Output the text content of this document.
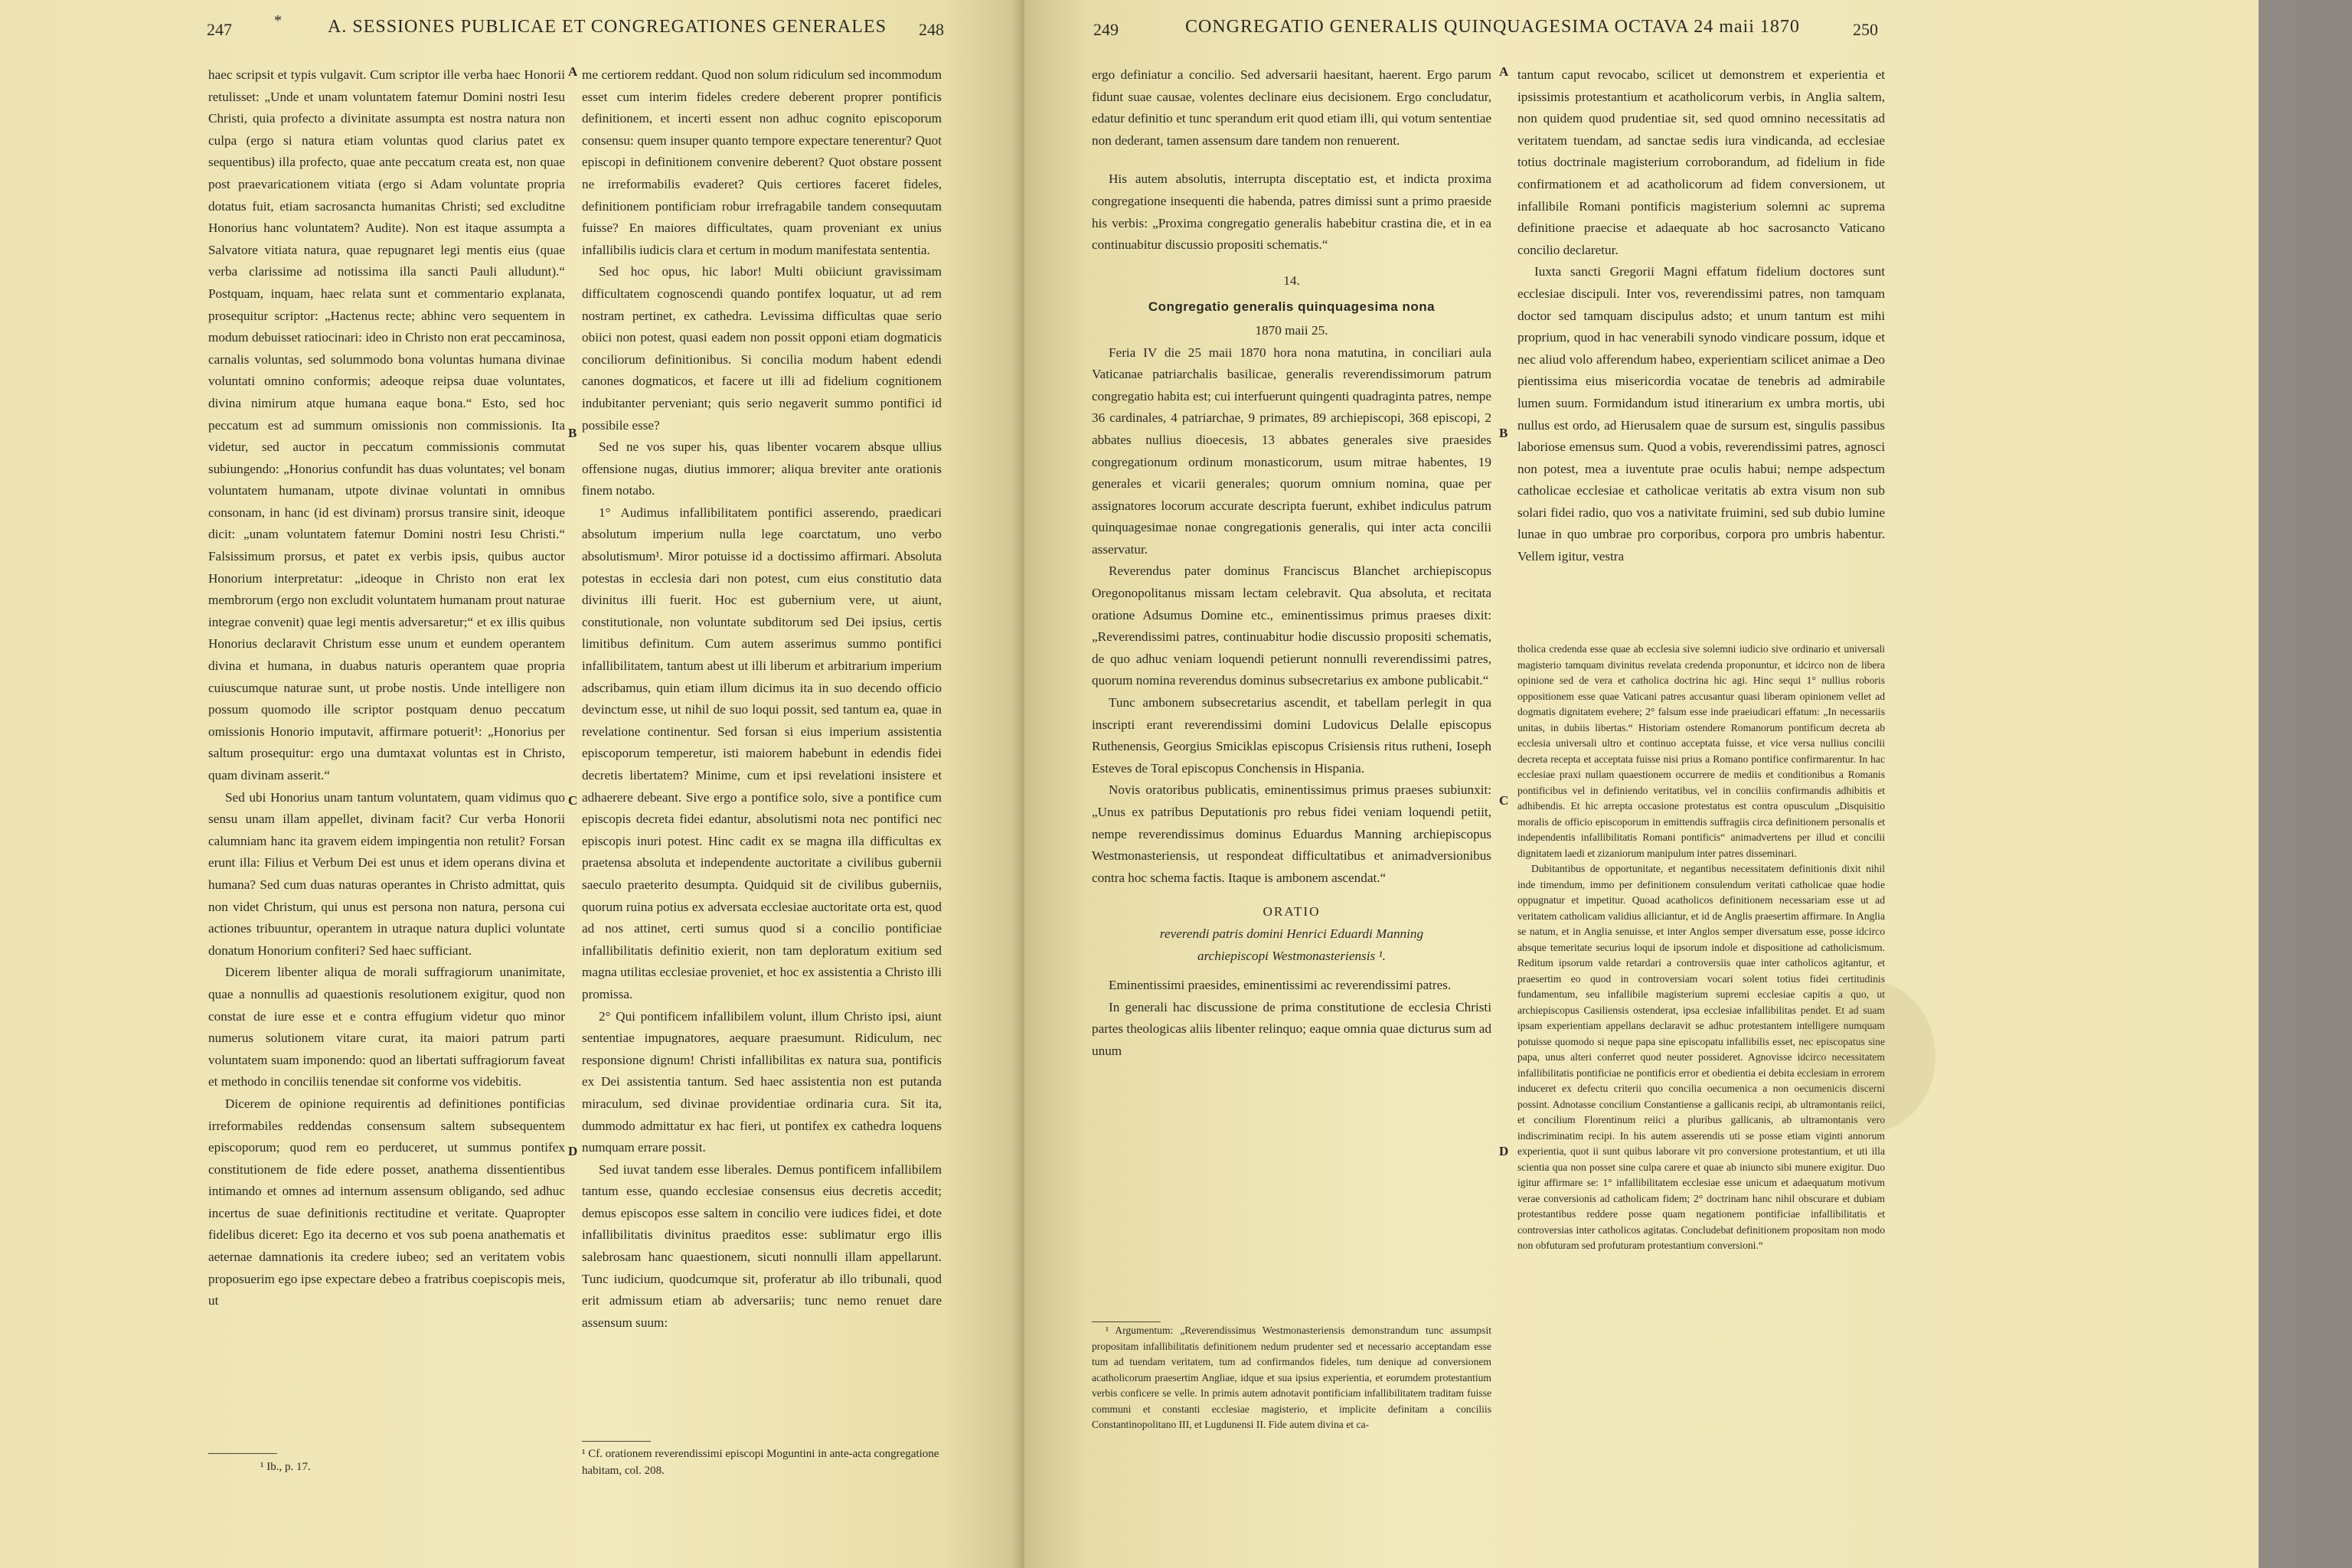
247	*	A. SESSIONES PUBLICAE ET CONGREGATIONES GENERALES 248

haec scripsit et typis vulgavit. Cum scriptor ille verba haec Honorii retulisset: „Unde et unam voluntatem fatemur Domini nostri Iesu Christi, quia profecto a divinitate assumpta est nostra natura non culpa (ergo si natura etiam voluntas quod clarius patet ex sequentibus) illa profecto, quae ante peccatum creata est, non quae post praevaricationem vitiata (ergo si Adam voluntate propria dotatus fuit, etiam sacrosancta humanitas Christi; sed excluditne Honorius hanc voluntatem? Audite). Non est itaque assumpta a Salvatore vitiata natura, quae repugnaret legi mentis eius (quae verba clarissime ad notissima illa sancti Pauli alludunt).“ Postquam, inquam, haec relata sunt et commentario explanata, prosequitur scriptor: „Hactenus recte; abhinc vero sequentem in modum debuisset ratiocinari: ideo in Christo non erat peccaminosa, carnalis voluntas, sed solummodo bona voluntas humana divinae voluntati omnino conformis; adeoque reipsa duae voluntates, divina nimirum atque humana eaque bona.“ Esto, sed hoc peccatum est ad summum omissionis non commissionis. Ita videtur, sed auctor in peccatum commissionis commutat subiungendo: „Honorius confundit has duas voluntates; vel bonam voluntatem humanam, utpote divinae voluntati in omnibus consonam, in hanc (id est divinam) prorsus transire sinit, ideoque dicit: „unam voluntatem fatemur Domini nostri Iesu Christi.“ Falsissimum prorsus, et patet ex verbis ipsis, quibus auctor Honorium interpretatur: „ideoque in Christo non erat lex membrorum (ergo non excludit voluntatem humanam prout naturae integrae convenit) quae legi mentis adversaretur;“ et ex illis quibus Honorius declaravit Christum esse unum et eundem operantem divina et humana, in duabus naturis operantem quae propria cuiuscumque naturae sunt, ut probe nostis. Unde intelligere non possum quomodo ille scriptor postquam denuo peccatum omissionis Honorio imputavit, affirmare potuerit¹: „Honorius per saltum prosequitur: ergo una dumtaxat voluntas est in Christo, quam divinam asserit.“

Sed ubi Honorius unam tantum voluntatem, quam vidimus quo sensu unam illam appellet, divinam facit? Cur verba Honorii calumniam hanc ita gravem eidem impingentia non retulit? Forsan erunt illa: Filius et Verbum Dei est unus et idem operans divina et humana? Sed cum duas naturas operantes in Christo admittat, quis non videt Christum, qui unus est persona non natura, persona cui actiones tribuuntur, operantem in utraque natura duplici voluntate donatum Honorium confiteri? Sed haec sufficiant.

Dicerem libenter aliqua de morali suffragiorum unanimitate, quae a nonnullis ad quaestionis resolutionem exigitur, quod non constat de iure esse et e contra effugium videtur quo minor numerus solutionem vitare curat, ita maiori patrum parti voluntatem suam imponendo: quod an libertati suffragiorum faveat et methodo in conciliis tenendae sit conforme vos videbitis.

Dicerem de opinione requirentis ad definitiones pontificias irreformabiles reddendas consensum saltem subsequentem episcoporum; quod rem eo perduceret, ut summus pontifex constitutionem de fide edere posset, anathema dissentientibus intimando et omnes ad internum assensum obligando, sed adhuc incertus de suae definitionis rectitudine et veritate. Quapropter fidelibus diceret: Ego ita decerno et vos sub poena anathematis et aeternae damnationis ita credere iubeo; sed an veritatem vobis proposuerim ego ipse expectare debeo a fratribus coepiscopis meis, ut

¹ Ib., p. 17.
A
B
C
D

me certiorem reddant. Quod non solum ridiculum sed incommodum esset cum interim fideles credere deberent proprer pontificis definitionem, et incerti essent non adhuc cognito episcoporum consensu: quem insuper quanto tempore expectare tenerentur? Quot episcopi in definitionem convenire deberent? Quot obstare possent ne irreformabilis evaderet? Quis certiores faceret fideles, definitionem pontificiam robur irrefragabile tandem consequutam fuisse? En maiores difficultates, quam proveniant ex unius infallibilis iudicis clara et certum in modum manifestata sententia.

Sed hoc opus, hic labor! Multi obiiciunt gravissimam difficultatem cognoscendi quando pontifex loquatur, ut ad rem nostram pertinet, ex cathedra. Levissima difficultas quae serio obiici non potest, quasi eadem non possit opponi etiam dogmaticis conciliorum definitionibus. Si concilia modum habent edendi canones dogmaticos, et facere ut illi ad fidelium cognitionem indubitanter perveniant; quis serio negaverit summo pontifici id possibile esse?

Sed ne vos super his, quas libenter vocarem absque ullius offensione nugas, diutius immorer; aliqua breviter ante orationis finem notabo.

1° Audimus infallibilitatem pontifici asserendo, praedicari absolutum imperium nulla lege coarctatum, uno verbo absolutismum¹. Miror potuisse id a doctissimo affirmari. Absoluta potestas in ecclesia dari non potest, cum eius constitutio data divinitus illi fuerit. Hoc est gubernium vere, ut aiunt, constitutionale, non voluntate subditorum sed Dei ipsius, certis limitibus definitum. Cum autem asserimus summo pontifici infallibilitatem, tantum abest ut illi liberum et arbitrarium imperium adscribamus, quin etiam illum dicimus ita in suo decendo officio devinctum esse, ut nihil de suo loqui possit, sed tantum ea, quae in revelatione continentur. Sed forsan si eius imperium assistentia episcoporum temperetur, isti maiorem habebunt in edendis fidei decretis libertatem? Minime, cum et ipsi revelationi insistere et adhaerere debeant. Sive ergo a pontifice solo, sive a pontifice cum episcopis decreta fidei edantur, absolutismi nota nec pontifici nec episcopis inuri potest. Hinc cadit ex se magna illa difficultas ex praetensa absoluta et independente auctoritate a civilibus gubernii saeculo praeterito desumpta. Quidquid sit de civilibus guberniis, quorum ruina potius ex adversata ecclesiae auctoritate orta est, quod ad nos attinet, certi sumus quod si a concilio pontificiae infallibilitatis definitio exierit, non tam deploratum exitium sed magna utilitas ecclesiae proveniet, et hoc ex assistentia a Christo illi promissa.

2° Qui pontificem infallibilem volunt, illum Christo ipsi, aiunt sententiae impugnatores, aequare praesumunt. Ridiculum, nec responsione dignum! Christi infallibilitas ex natura sua, pontificis ex Dei assistentia tantum. Sed haec assistentia non est putanda miraculum, sed divinae providentiae ordinaria cura. Sit ita, dummodo admittatur ex hac fieri, ut pontifex ex cathedra loquens numquam errare possit.

Sed iuvat tandem esse liberales. Demus pontificem infallibilem tantum esse, quando ecclesiae consensus eius decretis accedit; demus episcopos esse saltem in concilio vere iudices fidei, et dote infallibilitatis divinitus praeditos esse: sublimatur ergo illis salebrosam hanc quaestionem, sicuti nonnulli illam appellarunt. Tunc iudicium, quodcumque sit, proferatur ab illo tribunali, quod erit admissum etiam ab adversariis; tunc nemo renuet dare assensum suum:

¹ Cf. orationem reverendissimi episcopi Moguntini in ante-acta congregatione habitam, col. 208.
249	CONGREGATIO GENERALIS QUINQUAGESIMA OCTAVA 24 maii 1870	250
A
B
C
D

ergo definiatur a concilio. Sed adversarii haesitant, haerent. Ergo parum fidunt suae causae, volentes declinare eius decisionem. Ergo concludatur, edatur definitio et tunc sperandum erit quod etiam illi, qui votum sententiae non dederant, tamen assensum dare tandem non renuerent.

His autem absolutis, interrupta disceptatio est, et indicta proxima congregatione insequenti die habenda, patres dimissi sunt a primo praeside his verbis: „Proxima congregatio generalis habebitur crastina die, et in ea continuabitur discussio propositi schematis.“

14.

Congregatio generalis quinquagesima nona

1870 maii 25.

Feria IV die 25 maii 1870 hora nona matutina, in conciliari aula Vaticanae patriarchalis basilicae, generalis reverendissimorum patrum congregatio habita est; cui interfuerunt quingenti quadraginta patres, nempe 36 cardinales, 4 patriarchae, 9 primates, 89 archiepiscopi, 368 episcopi, 2 abbates nullius dioecesis, 13 abbates generales sive praesides congregationum ordinum monasticorum, usum mitrae habentes, 19 generales et vicarii generales; quorum omnium nomina, quae per assignatores locorum accurate descripta fuerunt, exhibet indiculus patrum quinquagesimae nonae congregationis generalis, qui inter acta concilii asservatur.

Reverendus pater dominus Franciscus Blanchet archiepiscopus Oregonopolitanus missam lectam celebravit. Qua absoluta, et recitata oratione Adsumus Domine etc., eminentissimus primus praeses dixit: „Reverendissimi patres, continuabitur hodie discussio propositi schematis, de quo adhuc veniam loquendi petierunt nonnulli reverendissimi patres, quorum nomina reverendus dominus subsecretarius ex ambone publicabit.“

Tunc ambonem subsecretarius ascendit, et tabellam perlegit in qua inscripti erant reverendissimi domini Ludovicus Delalle episcopus Ruthenensis, Georgius Smiciklas episcopus Crisiensis ritus rutheni, Ioseph Esteves de Toral episcopus Conchensis in Hispania.

Novis oratoribus publicatis, eminentissimus primus praeses subiunxit: „Unus ex patribus Deputationis pro rebus fidei veniam loquendi petiit, nempe reverendissimus dominus Eduardus Manning archiepiscopus Westmonasteriensis, ut respondeat difficultatibus et animadversionibus contra hoc schema factis. Itaque is ambonem ascendat.“

ORATIO

reverendi patris domini Henrici Eduardi Manning

archiepiscopi Westmonasteriensis ¹.

Eminentissimi praesides, eminentissimi ac reverendissimi patres.

In generali hac discussione de prima constitutione de ecclesia Christi partes theologicas aliis libenter relinquo; eaque omnia quae dicturus sum ad unum

¹ Argumentum: „Reverendissimus Westmonasteriensis demonstrandum tunc assumpsit propositam infallibilitatis definitionem nedum prudenter sed et necessario acceptandam esse tum ad tuendam veritatem, tum ad confirmandos fideles, tum denique ad conversionem acatholicorum praesertim Angliae, idque et sua ipsius experientia, et eorumdem protestantium verbis conficere se velle. In primis autem adnotavit pontificiam infallibilitatem traditam fuisse communi et constanti ecclesiae magisterio, et implicite definitam a conciliis Constantinopolitano III, et Lugdunensi II. Fide autem divina et ca-

tantum caput revocabo, scilicet ut demonstrem et experientia et ipsissimis protestantium et acatholicorum verbis, in Anglia saltem, non quidem quod prudentiae sit, sed quod omnino necessitatis ad veritatem tuendam, ad sanctae sedis iura vindicanda, ad ecclesiae totius doctrinale magisterium corroborandum, ad fidelium in fide confirmationem et ad acatholicorum ad fidem conversionem, ut infallibile Romani pontificis magisterium solemni ac suprema definitione praecise et adaequate ab hoc sacrosancto Vaticano concilio declaretur.

Iuxta sancti Gregorii Magni effatum fidelium doctores sunt ecclesiae discipuli. Inter vos, reverendissimi patres, non tamquam doctor sed tamquam discipulus adsto; et unum tantum est mihi proprium, quod in hac venerabili synodo vindicare possum, idque et nec aliud volo afferendum habeo, experientiam scilicet animae a Deo pientissima eius misericordia vocatae de tenebris ad admirabile lumen suum. Formidandum istud itinerarium ex umbra mortis, ubi nullus est ordo, ad Hierusalem quae de sursum est, singulis passibus laboriose emensus sum. Quod a vobis, reverendissimi patres, agnosci non potest, mea a iuventute prae oculis habui; nempe adspectum catholicae ecclesiae et catholicae veritatis ab extra visum non sub solari fidei radio, quo vos a nativitate fruimini, sed sub dubio lumine lunae in quo umbrae pro corporibus, corpora pro umbris habentur. Vellem igitur, vestra

tholica credenda esse quae ab ecclesia sive solemni iudicio sive ordinario et universali magisterio tamquam divinitus revelata credenda proponuntur, et idcirco non de libera opinione sed de vera et catholica doctrina hic agi. Hinc sequi 1° nullius roboris oppositionem esse quae Vaticani patres accusantur quasi liberam opinionem vellet ad dogmatis dignitatem evehere; 2° falsum esse inde praeiudicari effatum: „In necessariis unitas, in dubiis libertas.“ Historiam ostendere Romanorum pontificum decreta ab ecclesia universali ultro et continuo acceptata fuisse, et vice versa nullius concilii decreta recepta et acceptata fuisse nisi prius a Romano pontifice confirmarentur. In hac ecclesiae praxi nullam quaestionem occurrere de mediis et conditionibus a Romanis pontificibus vel in definiendo veritatibus, vel in conciliis confirmandis adhibitis et adhibendis. Et hic arrepta occasione protestatus est contra opusculum „Disquisitio moralis de officio episcoporum in emittendis suffragiis circa definitionem personalis et independentis infallibilitatis Romani pontificis“ animadvertens per illud et concilii dignitatem laedi et zizaniorum manipulum inter patres disseminari.

Dubitantibus de opportunitate, et negantibus necessitatem definitionis dixit nihil inde timendum, immo per definitionem consulendum veritati catholicae quae hodie oppugnatur et impetitur. Quoad acatholicos definitionem necessariam esse ut ad veritatem catholicam validius alliciantur, et id de Anglis praesertim affirmare. In Anglia se natum, et in Anglia senuisse, et inter Anglos semper diversatum esse, posse idcirco absque temeritate securius loqui de ipsorum indole et dispositione ad catholicismum. Reditum ipsorum valde retardari a controversiis quae inter catholicos agitantur, et praesertim eo quod in controversiam vocari solent totius fidei certitudinis fundamentum, seu infallibile magisterium supremi ecclesiae capitis a quo, ut archiepiscopus Casiliensis ostenderat, ipsa ecclesiae infallibilitas pendet. Et ad suam ipsam experientiam appellans declaravit se adhuc protestantem intelligere numquam potuisse quomodo si neque papa sine episcopatu infallibilis esset, nec episcopatus sine papa, unus alteri conferret quod neuter possideret. Agnovisse idcirco necessitatem infallibilitatis pontificiae ne pontificis error et obedientia ei debita ecclesiam in errorem induceret ex defectu criterii quo concilia oecumenica a non oecumenicis discerni possint. Adnotasse concilium Constantiense a gallicanis recipi, ab ultramontanis reiici, et concilium Florentinum reiici a pluribus gallicanis, ab ultramontanis vero indiscriminatim recipi. In his autem asserendis uti se posse etiam viginti annorum experientia, quot ii sunt quibus laborare vit pro conversione protestantium, et uti illa scientia qua non posset sine culpa carere et quae ab iniuncto sibi munere exigitur. Duo igitur affirmare se: 1° infallibilitatem ecclesiae esse unicum et adaequatum motivum verae conversionis ad catholicam fidem; 2° doctrinam hanc nihil obscurare et dubiam protestantibus reddere posse quam negationem pontificiae infallibilitatis et controversias inter catholicos agitatas. Concludebat definitionem propositam non modo non obfuturam sed profuturam protestantium conversioni.“
